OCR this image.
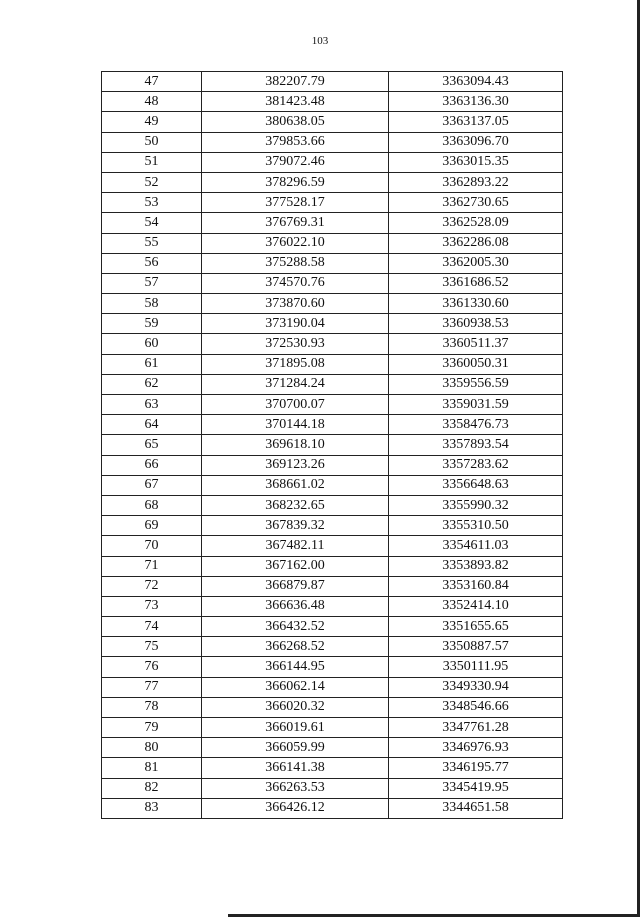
103
47	382207.79	3363094.43
48	381423.48	3363136.30
49	380638.05	3363137.05
50	379853.66	3363096.70
51	379072.46	3363015.35
52	378296.59	3362893.22
53	377528.17	3362730.65
54	376769.31	3362528.09
55	376022.10	3362286.08
56	375288.58	3362005.30
57	374570.76	3361686.52
58	373870.60	3361330.60
59	373190.04	3360938.53
60	372530.93	3360511.37
61	371895.08	3360050.31
62	371284.24	3359556.59
63	370700.07	3359031.59
64	370144.18	3358476.73
65	369618.10	3357893.54
66	369123.26	3357283.62
67	368661.02	3356648.63
68	368232.65	3355990.32
69	367839.32	3355310.50
70	367482.11	3354611.03
71	367162.00	3353893.82
72	366879.87	3353160.84
73	366636.48	3352414.10
74	366432.52	3351655.65
75	366268.52	3350887.57
76	366144.95	3350111.95
77	366062.14	3349330.94
78	366020.32	3348546.66
79	366019.61	3347761.28
80	366059.99	3346976.93
81	366141.38	3346195.77
82	366263.53	3345419.95
83	366426.12	3344651.58
